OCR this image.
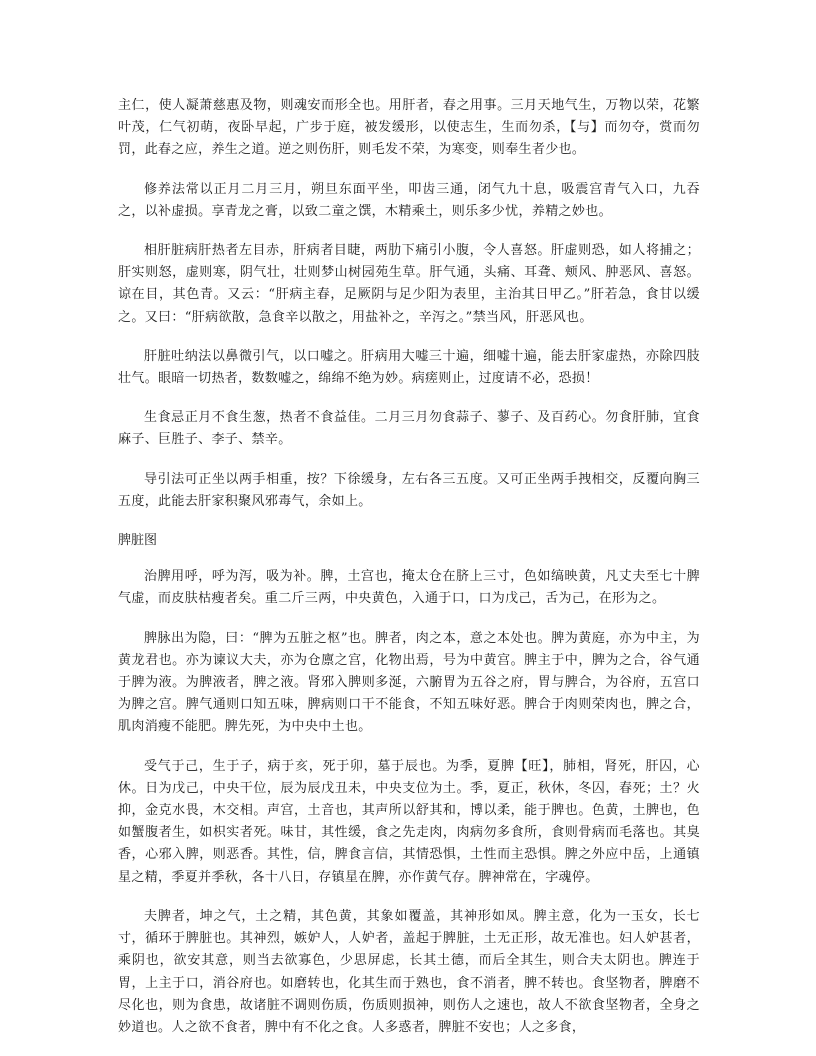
主仁，使人凝萧慈惠及物，则魂安而形全也。用肝者，春之用事。三月天地气生，万物以荣，花繁叶茂，仁气初萌，夜卧早起，广步于庭，被发缓形，以使志生，生而勿杀，【与】而勿夺，赏而勿罚，此春之应，养生之道。逆之则伤肝，则毛发不荣，为寒变，则奉生者少也。

修养法常以正月二月三月，朔旦东面平坐，叩齿三通，闭气九十息，吸震宫青气入口，九吞之，以补虚损。享青龙之膏，以致二童之馔，木精乘土，则乐多少忧，养精之妙也。

相肝脏病肝热者左目赤，肝病者目睫，两肋下痛引小腹，令人喜怒。肝虚则恐，如人将捕之；肝实则怒，虚则寒，阴气壮，壮则梦山树园苑生草。肝气通，头痛、耳聋、颊风、肿恶风、喜怒。谅在目，其色青。又云：“肝病主春，足厥阴与足少阳为表里，主治其日甲乙。”肝若急，食甘以缓之。又曰：“肝病欲散，急食辛以散之，用盐补之，辛泻之。”禁当风，肝恶风也。

肝脏吐纳法以鼻微引气，以口嘘之。肝病用大嘘三十遍，细嘘十遍，能去肝家虚热，亦除四肢壮气。眼暗一切热者，数数嘘之，绵绵不绝为妙。病瘥则止，过度请不必，恐损！

生食忌正月不食生葱，热者不食益佳。二月三月勿食蒜子、蓼子、及百药心。勿食肝肺，宜食麻子、巨胜子、李子、禁辛。

导引法可正坐以两手相重，按？下徐缓身，左右各三五度。又可正坐两手拽相交，反覆向胸三五度，此能去肝家积聚风邪毒气，余如上。

脾脏图

治脾用呼，呼为泻，吸为补。脾，土宫也，掩太仓在脐上三寸，色如缟映黄，凡丈夫至七十脾气虚，而皮肤枯瘦者矣。重二斤三两，中央黄色，入通于口，口为戊己，舌为己，在形为之。

脾脉出为隐，曰：“脾为五脏之枢”也。脾者，肉之本，意之本处也。脾为黄庭，亦为中主，为黄龙君也。亦为谏议大夫，亦为仓廪之宫，化物出焉，号为中黄宫。脾主于中，脾为之合，谷气通于脾为液。为脾液者，脾之液。肾邪入脾则多涎，六腑胃为五谷之府，胃与脾合，为谷府，五宫口为脾之宫。脾气通则口知五味，脾病则口干不能食，不知五味好恶。脾合于肉则荣肉也，脾之合，肌肉消瘦不能肥。脾先死，为中央中土也。

受气于己，生于子，病于亥，死于卯，墓于辰也。为季，夏脾【旺】，肺相，肾死，肝囚，心休。日为戊己，中央干位，辰为辰戊丑未，中央支位为土。季，夏正，秋休，冬囚，春死；土？火抑，金克水畏，木交相。声宫，土音也，其声所以舒其和，博以柔，能于脾也。色黄，土脾也，色如蟹腹者生，如枳实者死。味甘，其性缓，食之先走肉，肉病勿多食所，食则骨病而毛落也。其臭香，心邪入脾，则恶香。其性，信，脾食言信，其情恐惧，土性而主恐惧。脾之外应中岳，上通镇星之精，季夏并季秋，各十八日，存镇星在脾，亦作黄气存。脾神常在，字魂停。

夫脾者，坤之气，土之精，其色黄，其象如覆盖，其神形如凤。脾主意，化为一玉女，长七寸，循环于脾脏也。其神烈，嫉妒人，人妒者，盖起于脾脏，土无正形，故无准也。妇人妒甚者，乘阴也，欲安其意，则当去欲寡色，少思屏虑，长其土德，而后全其生，则合夫太阴也。脾连于胃，上主于口，消谷府也。如磨转也，化其生而于熟也，食不消者，脾不转也。食坚物者，脾磨不尽化也，则为食患，故诸脏不调则伤质，伤质则损神，则伤人之速也，故人不欲食坚物者，全身之妙道也。人之欲不食者，脾中有不化之食。人多惑者，脾脏不安也；人之多食，
